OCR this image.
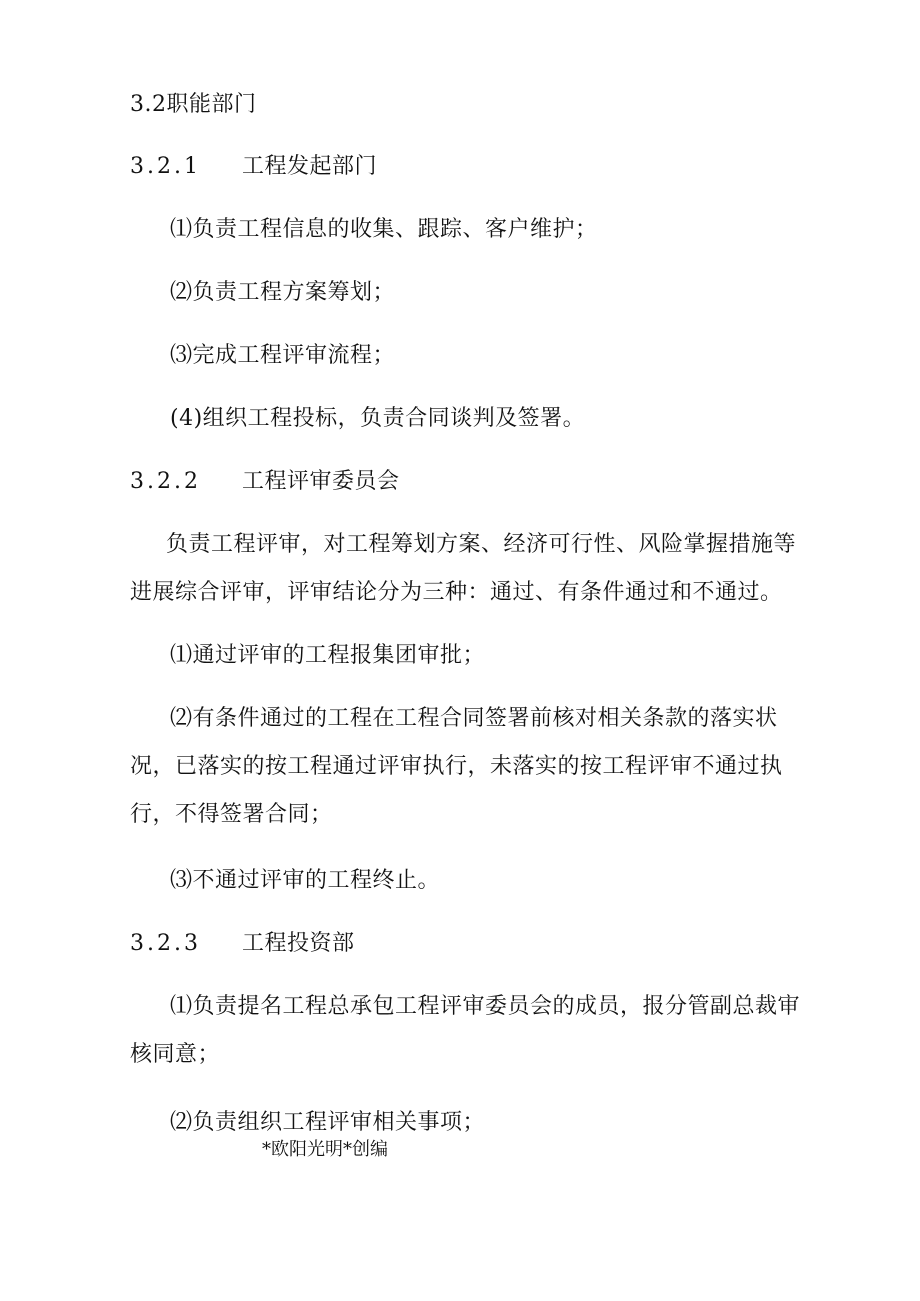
3.2职能部门
3.2.1 工程发起部门
⑴负责工程信息的收集、跟踪、客户维护；
⑵负责工程方案筹划；
⑶完成工程评审流程；
(4)组织工程投标，负责合同谈判及签署。
3.2.2 工程评审委员会
负责工程评审，对工程筹划方案、经济可行性、风险掌握措施等
进展综合评审，评审结论分为三种：通过、有条件通过和不通过。
⑴通过评审的工程报集团审批；
⑵有条件通过的工程在工程合同签署前核对相关条款的落实状
况，已落实的按工程通过评审执行，未落实的按工程评审不通过执
行，不得签署合同；
⑶不通过评审的工程终止。
3.2.3 工程投资部
⑴负责提名工程总承包工程评审委员会的成员，报分管副总裁审
核同意；
⑵负责组织工程评审相关事项；
*欧阳光明*创编
